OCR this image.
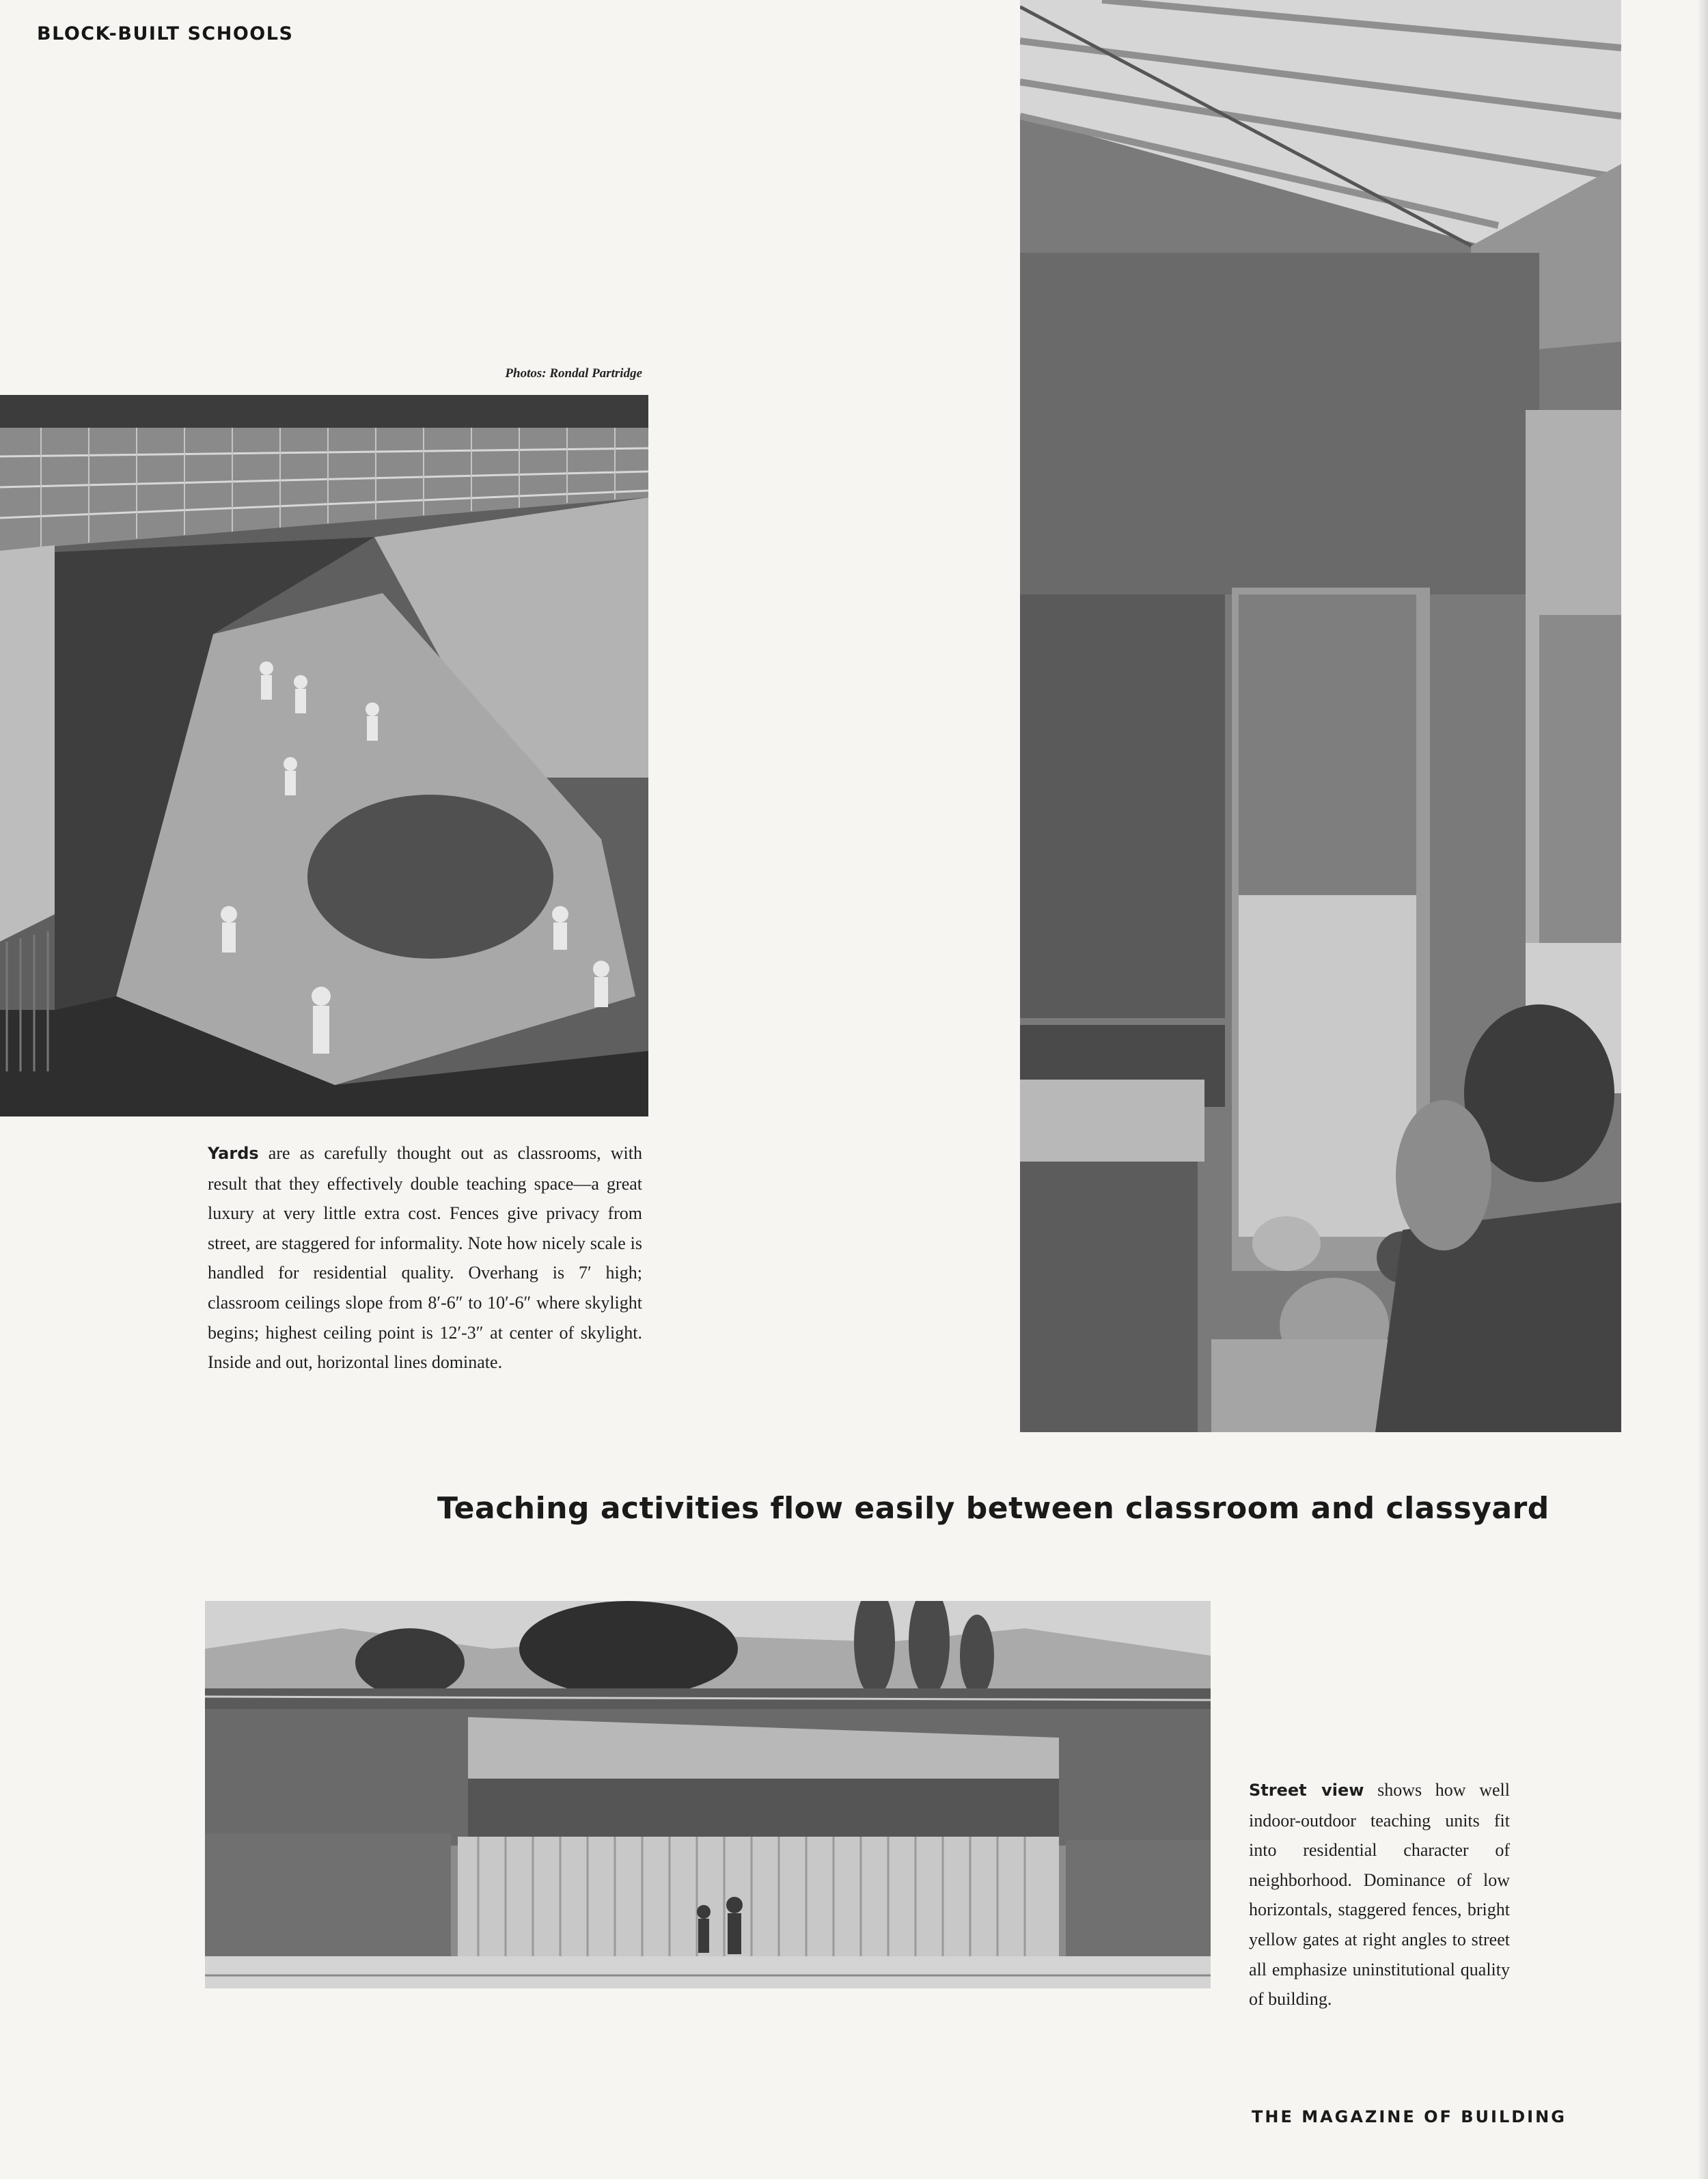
BLOCK-BUILT SCHOOLS
Photos: Rondal Partridge
Yards are as carefully thought out as classrooms, with result that they effectively double teaching space—a great luxury at very little extra cost. Fences give privacy from street, are staggered for informality. Note how nicely scale is handled for residential quality. Overhang is 7′ high; classroom ceilings slope from 8′-6″ to 10′-6″ where skylight begins; highest ceiling point is 12′-3″ at center of skylight. Inside and out, horizontal lines dominate.
Teaching activities flow easily between classroom and classyard
Street view shows how well indoor-outdoor teaching units fit into residential character of neighborhood. Dominance of low horizontals, staggered fences, bright yellow gates at right angles to street all emphasize uninstitutional quality of building.
THE MAGAZINE OF BUILDING
